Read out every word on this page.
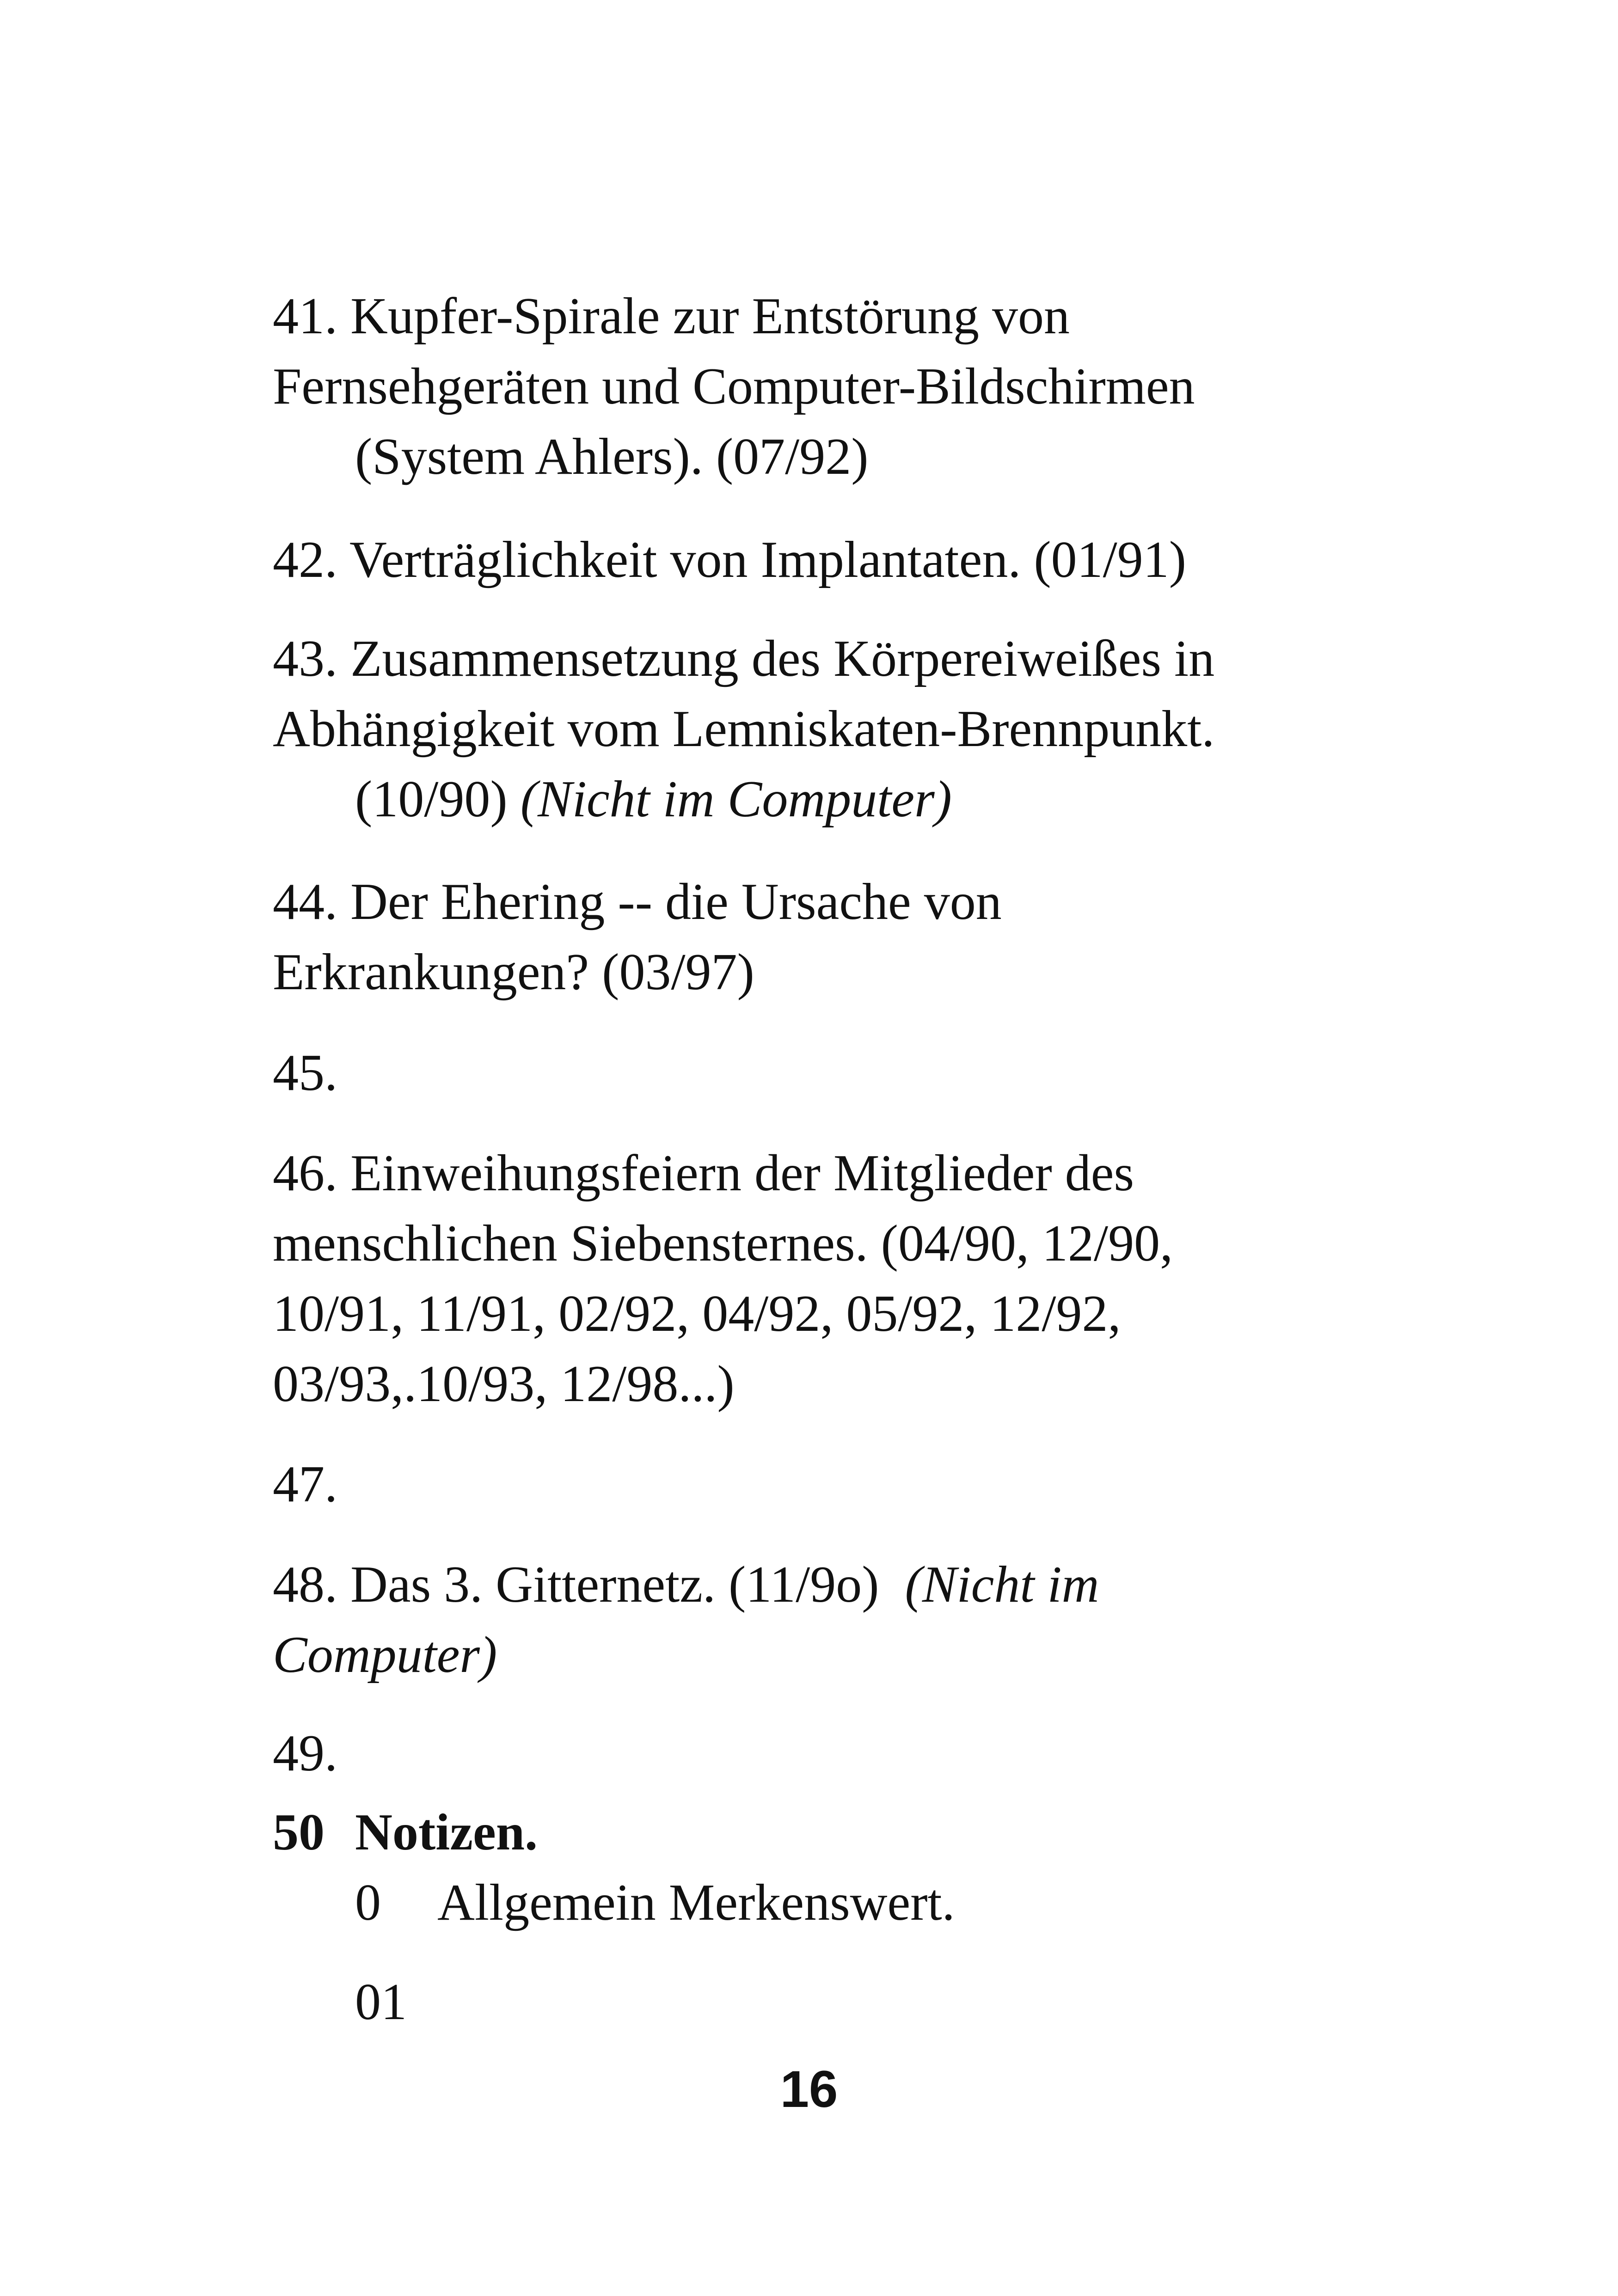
41. Kupfer-Spirale zur Entstörung von
Fernsehgeräten und Computer-Bildschirmen
(System Ahlers). (07/92)
42. Verträglichkeit von Implantaten. (01/91)
43. Zusammensetzung des Körpereiweißes in
Abhängigkeit vom Lemniskaten-Brennpunkt.
(10/90) (Nicht im Computer)
44. Der Ehering -- die Ursache von
Erkrankungen? (03/97)
45.
46. Einweihungsfeiern der Mitglieder des
menschlichen Siebensternes. (04/90, 12/90,
10/91, 11/91, 02/92, 04/92, 05/92, 12/92,
03/93,.10/93, 12/98...)
47.
48. Das 3. Gitternetz. (11/9o) (Nicht im
Computer)
49.
50 Notizen.
0 Allgemein Merkenswert.
01
16
